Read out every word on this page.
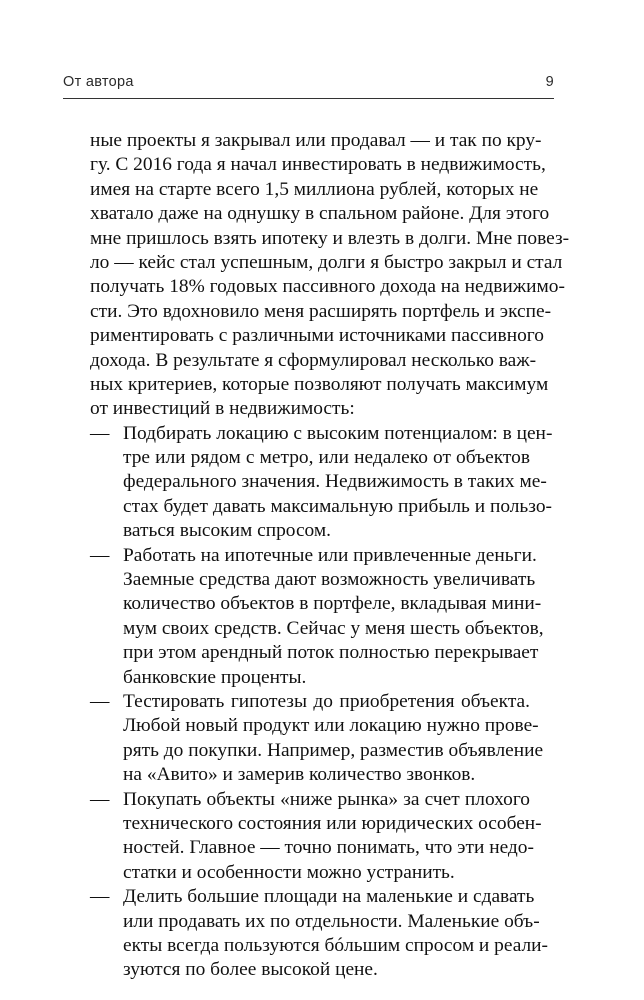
От автора	9
ные проекты я закрывал или продавал — и так по кру-
гу. С 2016 года я начал инвестировать в недвижимость,
имея на старте всего 1,5 миллиона рублей, которых не
хватало даже на однушку в спальном районе. Для этого
мне пришлось взять ипотеку и влезть в долги. Мне повез-
ло — кейс стал успешным, долги я быстро закрыл и стал
получать 18% годовых пассивного дохода на недвижимо-
сти. Это вдохновило меня расширять портфель и экспе-
риментировать с различными источниками пассивного
дохода. В результате я сформулировал несколько важ-
ных критериев, которые позволяют получать максимум
от инвестиций в недвижимость:
— Подбирать локацию с высоким потенциалом: в цен-
тре или рядом с метро, или недалеко от объектов
федерального значения. Недвижимость в таких ме-
стах будет давать максимальную прибыль и пользо-
ваться высоким спросом.
— Работать на ипотечные или привлеченные деньги.
Заемные средства дают возможность увеличивать
количество объектов в портфеле, вкладывая мини-
мум своих средств. Сейчас у меня шесть объектов,
при этом арендный поток полностью перекрывает
банковские проценты.
— Тестировать гипотезы до приобретения объекта.
Любой новый продукт или локацию нужно прове-
рять до покупки. Например, разместив объявление
на «Авито» и замерив количество звонков.
— Покупать объекты «ниже рынка» за счет плохого
технического состояния или юридических особен-
ностей. Главное — точно понимать, что эти недо-
статки и особенности можно устранить.
— Делить большие площади на маленькие и сдавать
или продавать их по отдельности. Маленькие объ-
екты всегда пользуются бóльшим спросом и реали-
зуются по более высокой цене.
